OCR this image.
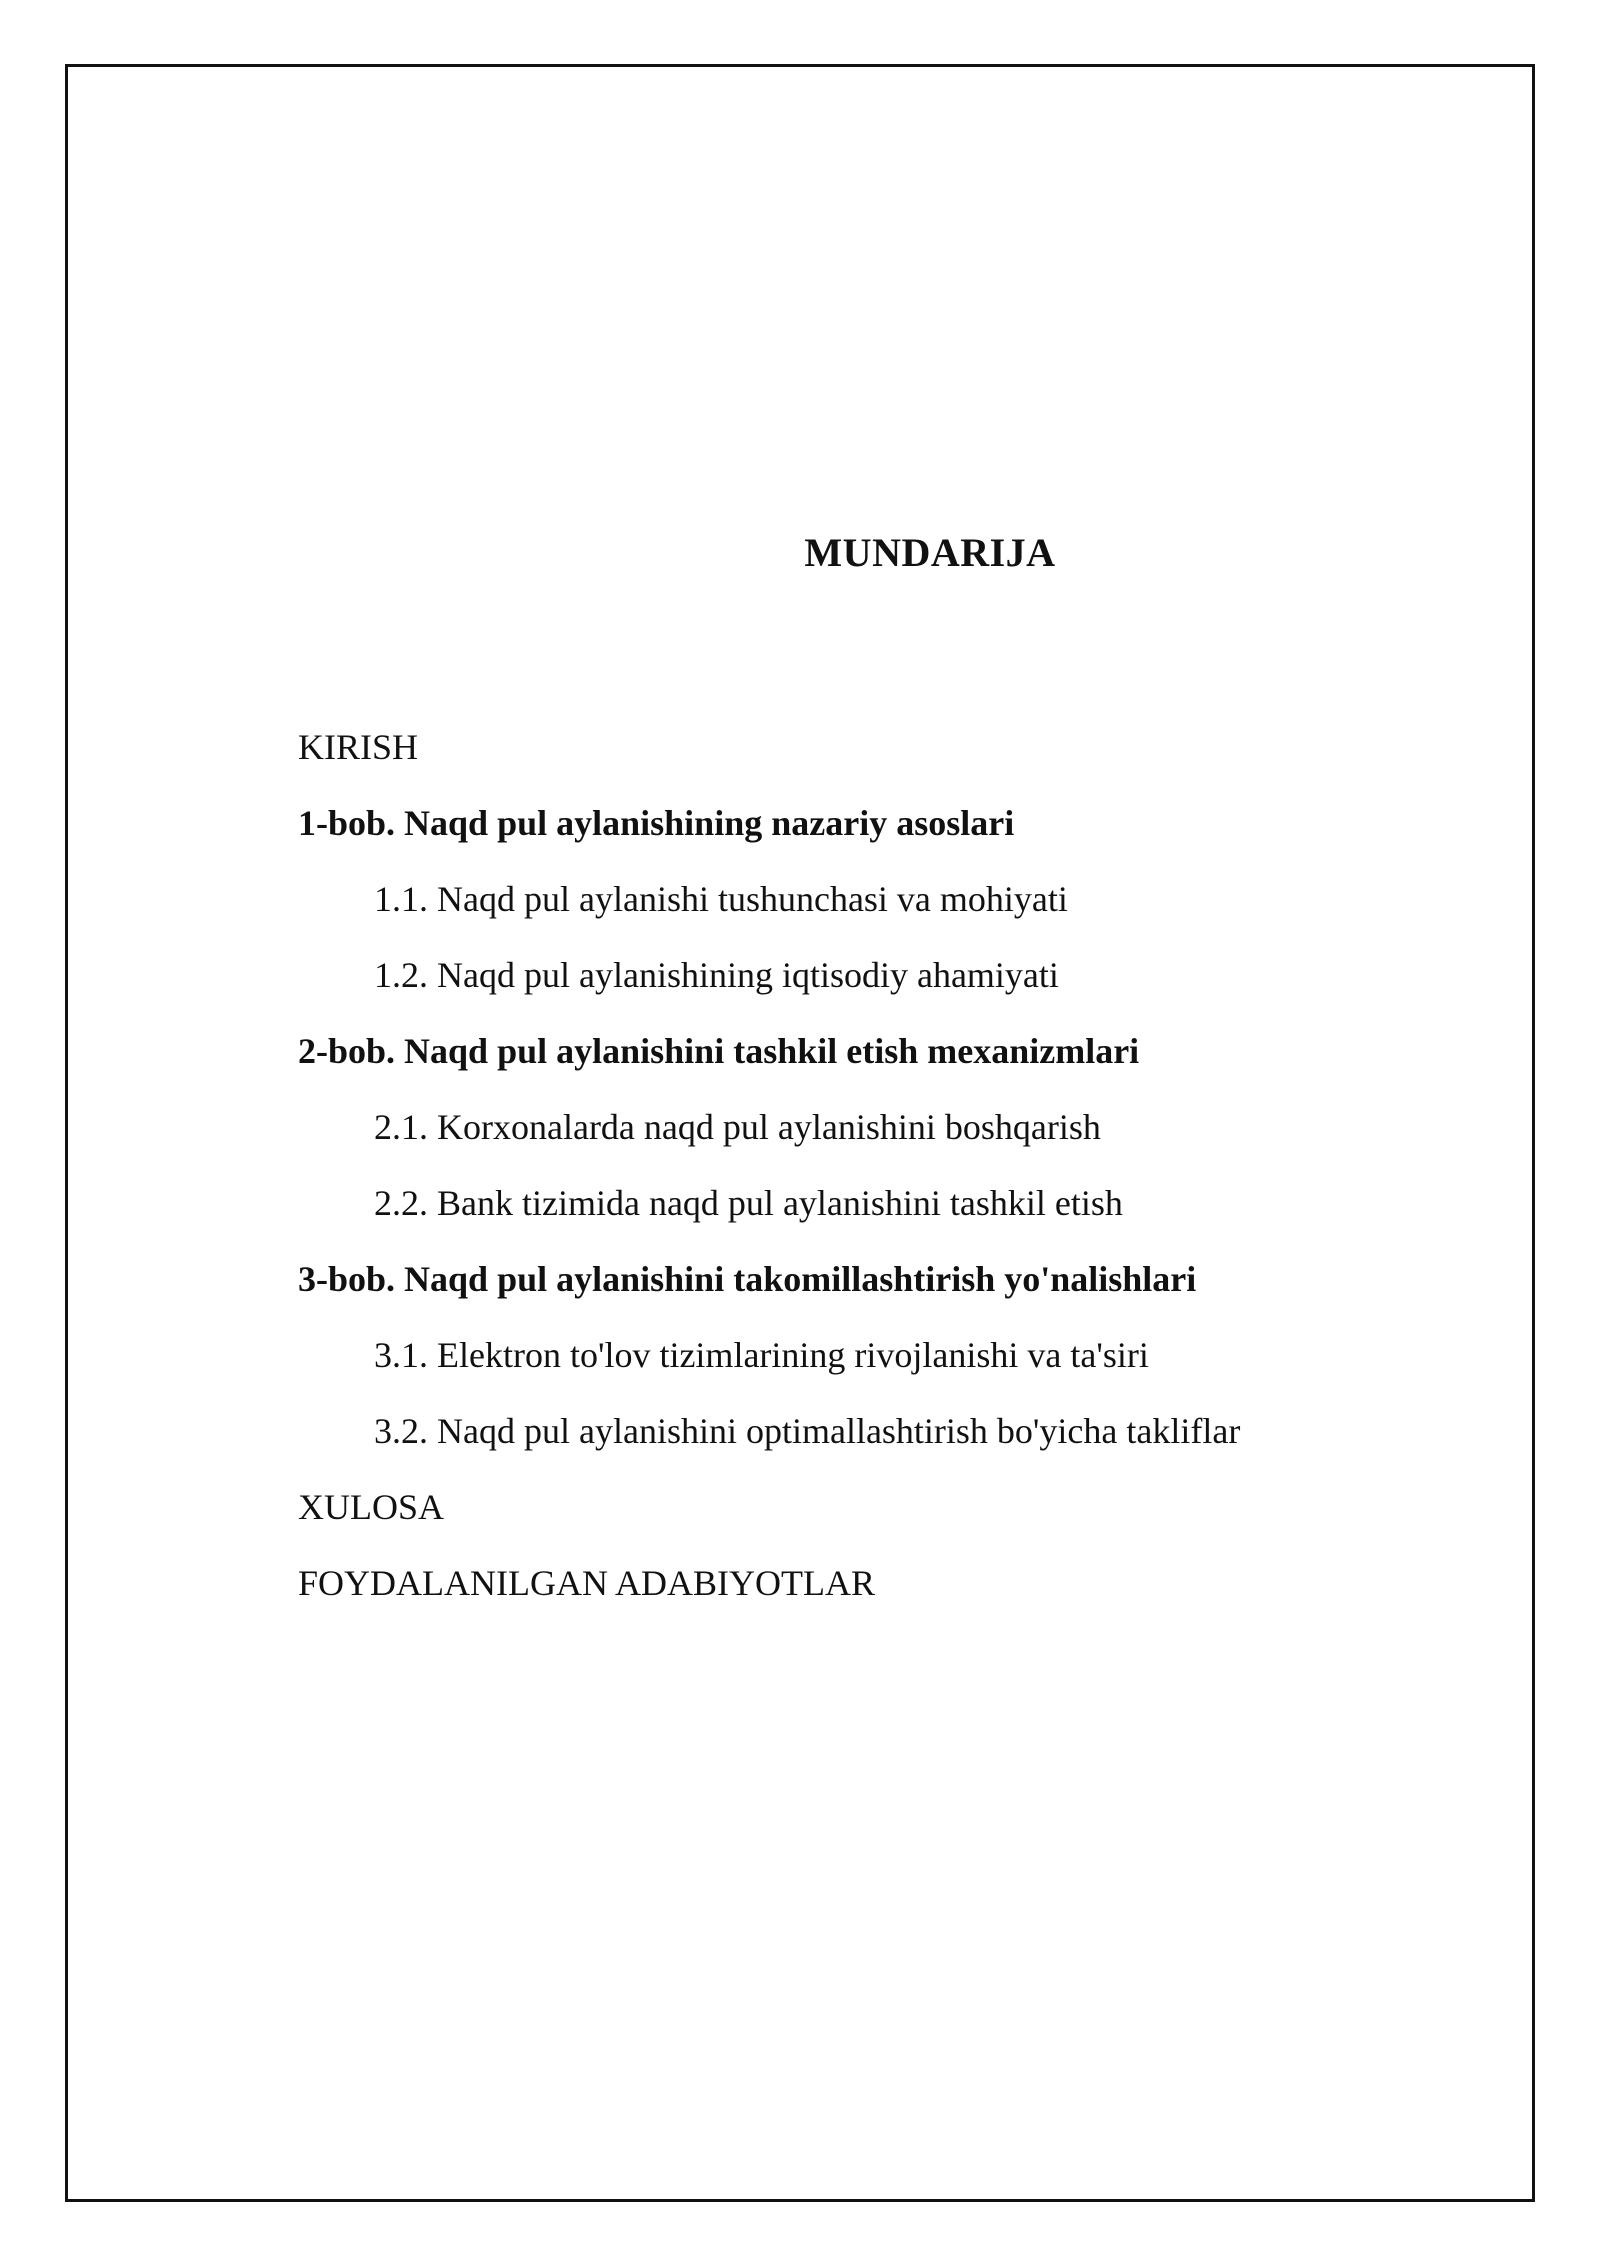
MUNDARIJA
KIRISH
1-bob. Naqd pul aylanishining nazariy asoslari
1.1. Naqd pul aylanishi tushunchasi va mohiyati
1.2. Naqd pul aylanishining iqtisodiy ahamiyati
2-bob. Naqd pul aylanishini tashkil etish mexanizmlari
2.1. Korxonalarda naqd pul aylanishini boshqarish
2.2. Bank tizimida naqd pul aylanishini tashkil etish
3-bob. Naqd pul aylanishini takomillashtirish yo'nalishlari
3.1. Elektron to'lov tizimlarining rivojlanishi va ta'siri
3.2. Naqd pul aylanishini optimallashtirish bo'yicha takliflar
XULOSA
FOYDALANILGAN ADABIYOTLAR
